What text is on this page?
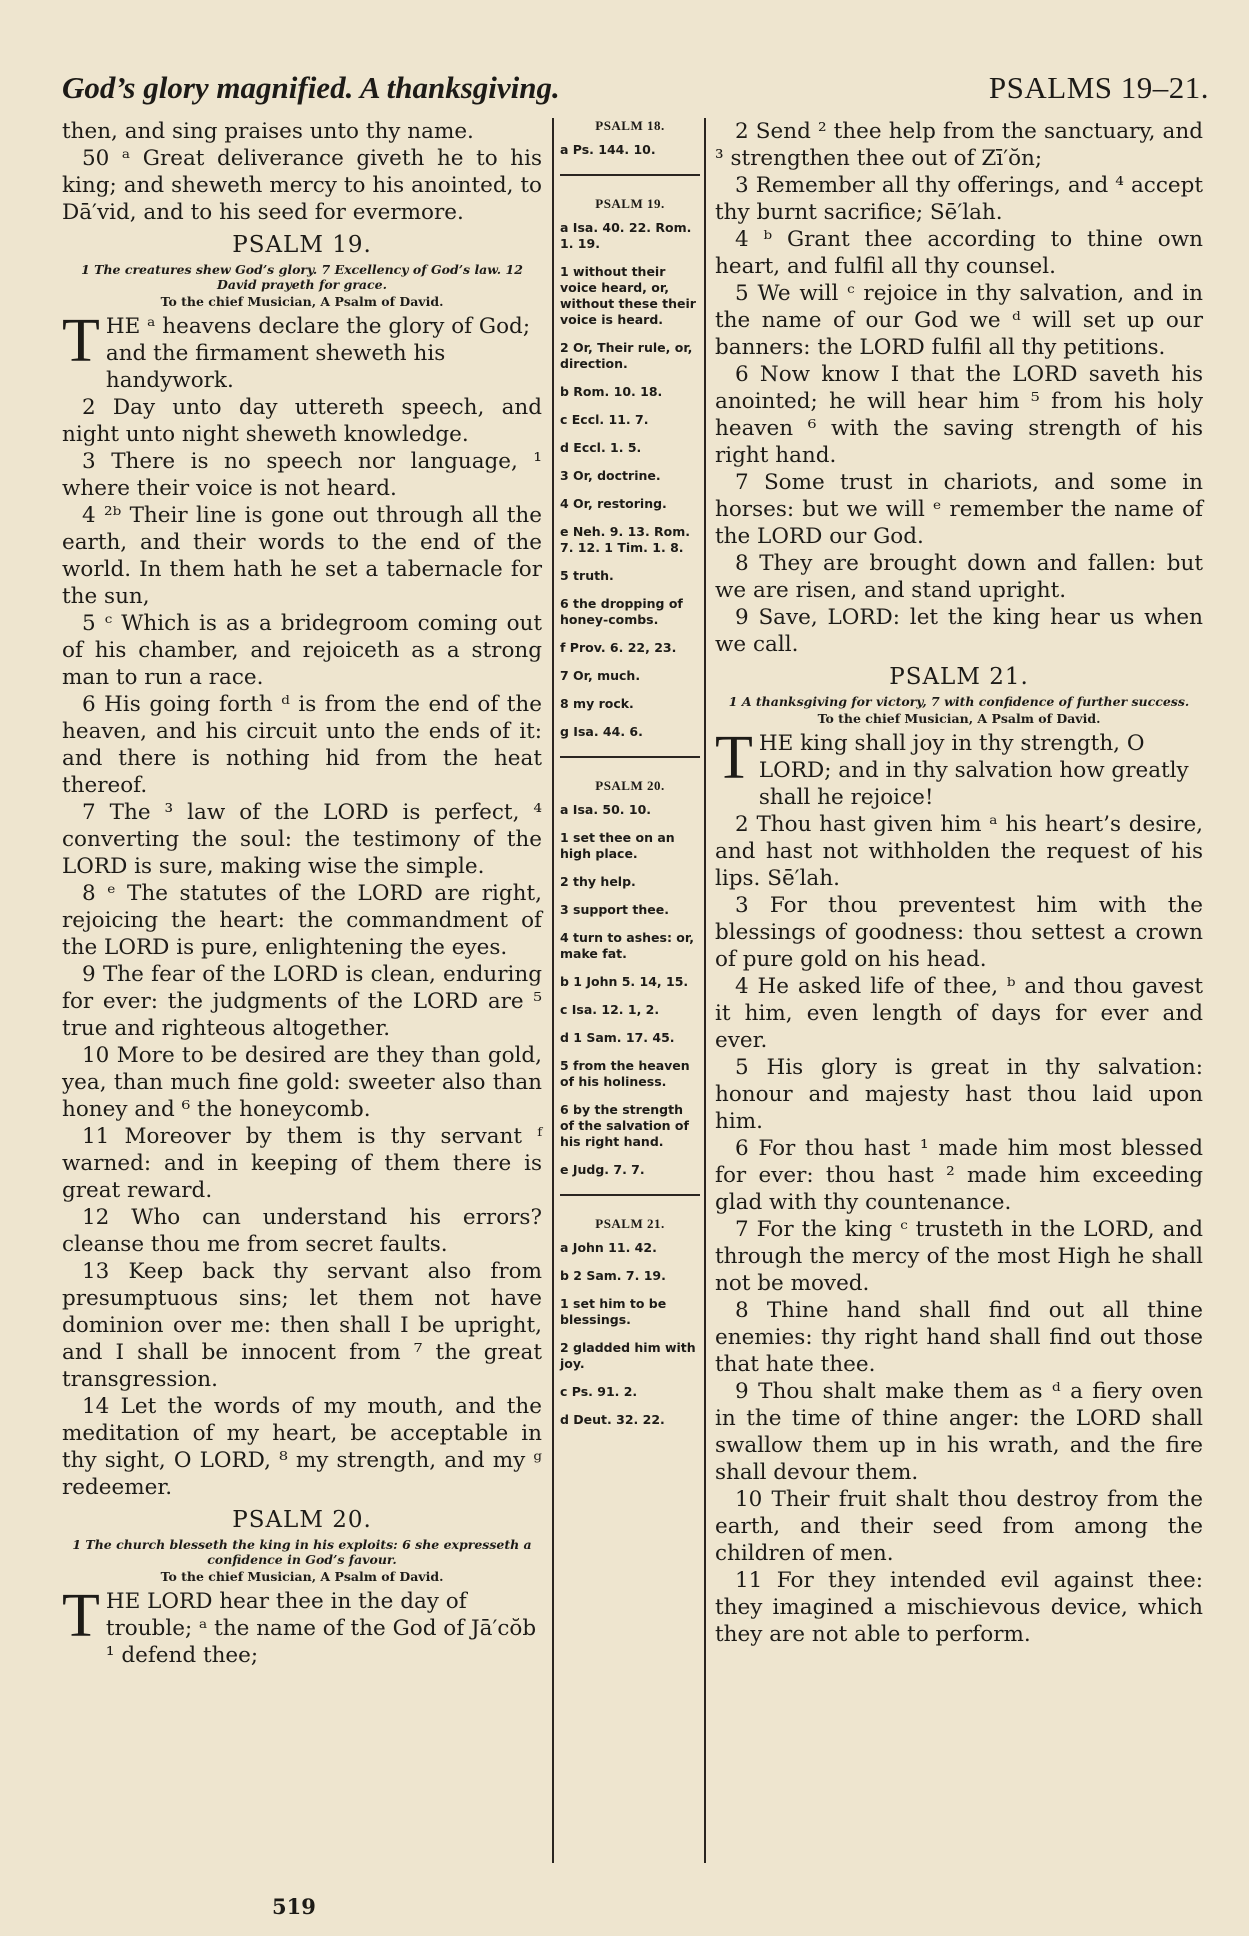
God’s glory magnified. A thanksgiving.	PSALMS 19–21.

then, and sing praises unto thy name.

50 ᵃ Great deliverance giveth he to his king; and sheweth mercy to his anointed, to Dā′vid, and to his seed for evermore.

PSALM 19.
1 The creatures shew God’s glory. 7 Excellency of God’s law. 12 David prayeth for grace.
To the chief Musician, A Psalm of David.
T HE ᵃ heavens declare the glory of God; and the firmament sheweth his handywork.

2 Day unto day uttereth speech, and night unto night sheweth knowledge.

3 There is no speech nor language, ¹ where their voice is not heard.

4 ²ᵇ Their line is gone out through all the earth, and their words to the end of the world. In them hath he set a tabernacle for the sun,

5 ᶜ Which is as a bridegroom coming out of his chamber, and rejoiceth as a strong man to run a race.

6 His going forth ᵈ is from the end of the heaven, and his circuit unto the ends of it: and there is nothing hid from the heat thereof.

7 The ³ law of the LORD is perfect, ⁴ converting the soul: the testimony of the LORD is sure, making wise the simple.

8 ᵉ The statutes of the LORD are right, rejoicing the heart: the commandment of the LORD is pure, enlightening the eyes.

9 The fear of the LORD is clean, enduring for ever: the judgments of the LORD are ⁵ true and righteous altogether.

10 More to be desired are they than gold, yea, than much fine gold: sweeter also than honey and ⁶ the honeycomb.

11 Moreover by them is thy servant ᶠ warned: and in keeping of them there is great reward.

12 Who can understand his errors? cleanse thou me from secret faults.

13 Keep back thy servant also from presumptuous sins; let them not have dominion over me: then shall I be upright, and I shall be innocent from ⁷ the great transgression.

14 Let the words of my mouth, and the meditation of my heart, be acceptable in thy sight, O LORD, ⁸ my strength, and my ᵍ redeemer.

PSALM 20.
1 The church blesseth the king in his exploits: 6 she expresseth a confidence in God’s favour.
To the chief Musician, A Psalm of David.
T HE LORD hear thee in the day of trouble; ᵃ the name of the God of Jā′cŏb ¹ defend thee;
PSALM 18.
a Ps. 144. 10.
PSALM 19.
a Isa. 40. 22. Rom. 1. 19.
1 without their voice heard, or, without these their voice is heard.
2 Or, Their rule, or, direction.
b Rom. 10. 18.
c Eccl. 11. 7.
d Eccl. 1. 5.
3 Or, doctrine.
4 Or, restoring.
e Neh. 9. 13. Rom. 7. 12. 1 Tim. 1. 8.
5 truth.
6 the dropping of honey-combs.
f Prov. 6. 22, 23.
7 Or, much.
8 my rock.
g Isa. 44. 6.
PSALM 20.
a Isa. 50. 10.
1 set thee on an high place.
2 thy help.
3 support thee.
4 turn to ashes: or, make fat.
b 1 John 5. 14, 15.
c Isa. 12. 1, 2.
d 1 Sam. 17. 45.
5 from the heaven of his holiness.
6 by the strength of the salvation of his right hand.
e Judg. 7. 7.
PSALM 21.
a John 11. 42.
b 2 Sam. 7. 19.
1 set him to be blessings.
2 gladded him with joy.
c Ps. 91. 2.
d Deut. 32. 22.

2 Send ² thee help from the sanctuary, and ³ strengthen thee out of Zī′ŏn;

3 Remember all thy offerings, and ⁴ accept thy burnt sacrifice; Sē′lah.

4 ᵇ Grant thee according to thine own heart, and fulfil all thy counsel.

5 We will ᶜ rejoice in thy salvation, and in the name of our God we ᵈ will set up our banners: the LORD fulfil all thy petitions.

6 Now know I that the LORD saveth his anointed; he will hear him ⁵ from his holy heaven ⁶ with the saving strength of his right hand.

7 Some trust in chariots, and some in horses: but we will ᵉ remember the name of the LORD our God.

8 They are brought down and fallen: but we are risen, and stand upright.

9 Save, LORD: let the king hear us when we call.

PSALM 21.
1 A thanksgiving for victory, 7 with confidence of further success.
To the chief Musician, A Psalm of David.
T HE king shall joy in thy strength, O LORD; and in thy salvation how greatly shall he rejoice!

2 Thou hast given him ᵃ his heart’s desire, and hast not withholden the request of his lips. Sē′lah.

3 For thou preventest him with the blessings of goodness: thou settest a crown of pure gold on his head.

4 He asked life of thee, ᵇ and thou gavest it him, even length of days for ever and ever.

5 His glory is great in thy salvation: honour and majesty hast thou laid upon him.

6 For thou hast ¹ made him most blessed for ever: thou hast ² made him exceeding glad with thy countenance.

7 For the king ᶜ trusteth in the LORD, and through the mercy of the most High he shall not be moved.

8 Thine hand shall find out all thine enemies: thy right hand shall find out those that hate thee.

9 Thou shalt make them as ᵈ a fiery oven in the time of thine anger: the LORD shall swallow them up in his wrath, and the fire shall devour them.

10 Their fruit shalt thou destroy from the earth, and their seed from among the children of men.

11 For they intended evil against thee: they imagined a mischievous device, which they are not able to perform.

519
